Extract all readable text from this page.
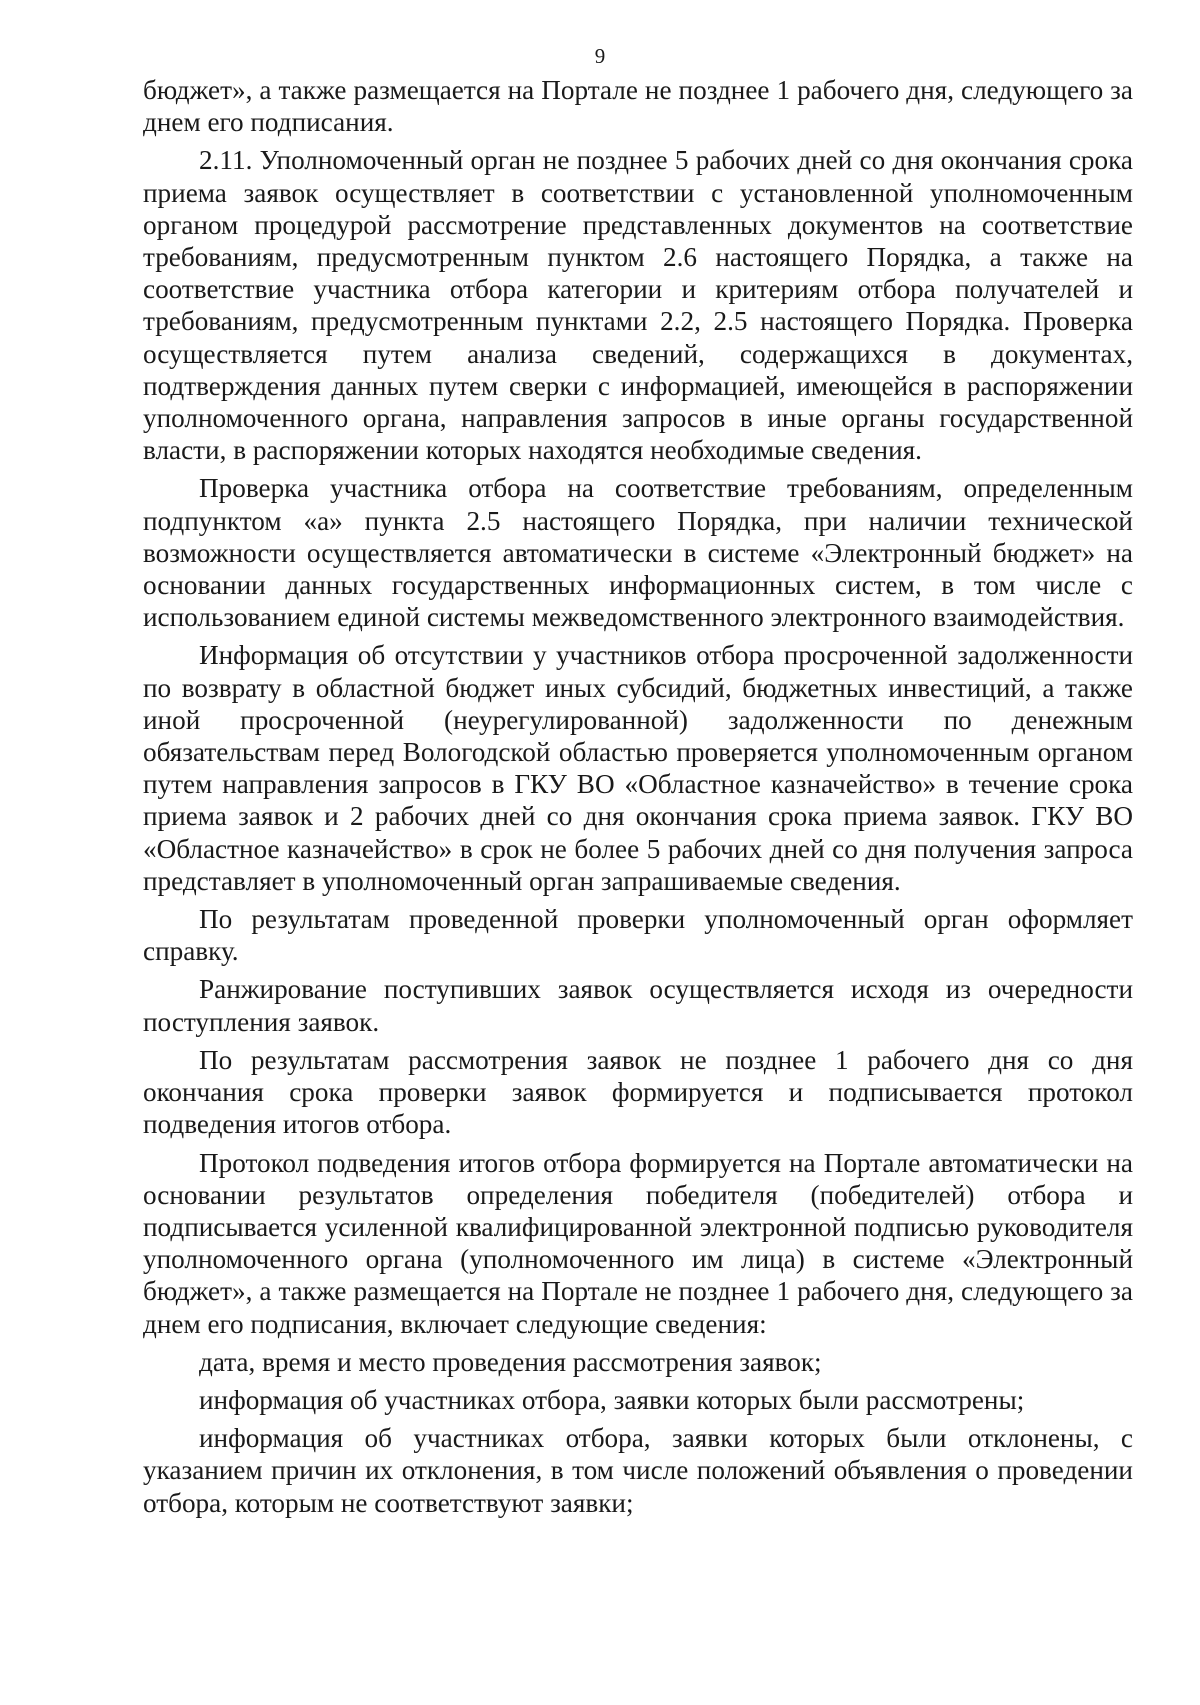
9

бюджет», а также размещается на Портале не позднее 1 рабочего дня, следующего за днем его подписания.

2.11. Уполномоченный орган не позднее 5 рабочих дней со дня окончания срока приема заявок осуществляет в соответствии с установленной уполномоченным органом процедурой рассмотрение представленных документов на соответствие требованиям, предусмотренным пунктом 2.6 настоящего Порядка, а также на соответствие участника отбора категории и критериям отбора получателей и требованиям, предусмотренным пунктами 2.2, 2.5 настоящего Порядка. Проверка осуществляется путем анализа сведений, содержащихся в документах, подтверждения данных путем сверки с информацией, имеющейся в распоряжении уполномоченного органа, направления запросов в иные органы государственной власти, в распоряжении которых находятся необходимые сведения.

Проверка участника отбора на соответствие требованиям, определенным подпунктом «а» пункта 2.5 настоящего Порядка, при наличии технической возможности осуществляется автоматически в системе «Электронный бюджет» на основании данных государственных информационных систем, в том числе с использованием единой системы межведомственного электронного взаимодействия.

Информация об отсутствии у участников отбора просроченной задолженности по возврату в областной бюджет иных субсидий, бюджетных инвестиций, а также иной просроченной (неурегулированной) задолженности по денежным обязательствам перед Вологодской областью проверяется уполномоченным органом путем направления запросов в ГКУ ВО «Областное казначейство» в течение срока приема заявок и 2 рабочих дней со дня окончания срока приема заявок. ГКУ ВО «Областное казначейство» в срок не более 5 рабочих дней со дня получения запроса представляет в уполномоченный орган запрашиваемые сведения.

По результатам проведенной проверки уполномоченный орган оформляет справку.

Ранжирование поступивших заявок осуществляется исходя из очередности поступления заявок.

По результатам рассмотрения заявок не позднее 1 рабочего дня со дня окончания срока проверки заявок формируется и подписывается протокол подведения итогов отбора.

Протокол подведения итогов отбора формируется на Портале автоматически на основании результатов определения победителя (победителей) отбора и подписывается усиленной квалифицированной электронной подписью руководителя уполномоченного органа (уполномоченного им лица) в системе «Электронный бюджет», а также размещается на Портале не позднее 1 рабочего дня, следующего за днем его подписания, включает следующие сведения:

дата, время и место проведения рассмотрения заявок;

информация об участниках отбора, заявки которых были рассмотрены;

информация об участниках отбора, заявки которых были отклонены, с указанием причин их отклонения, в том числе положений объявления о проведении отбора, которым не соответствуют заявки;
